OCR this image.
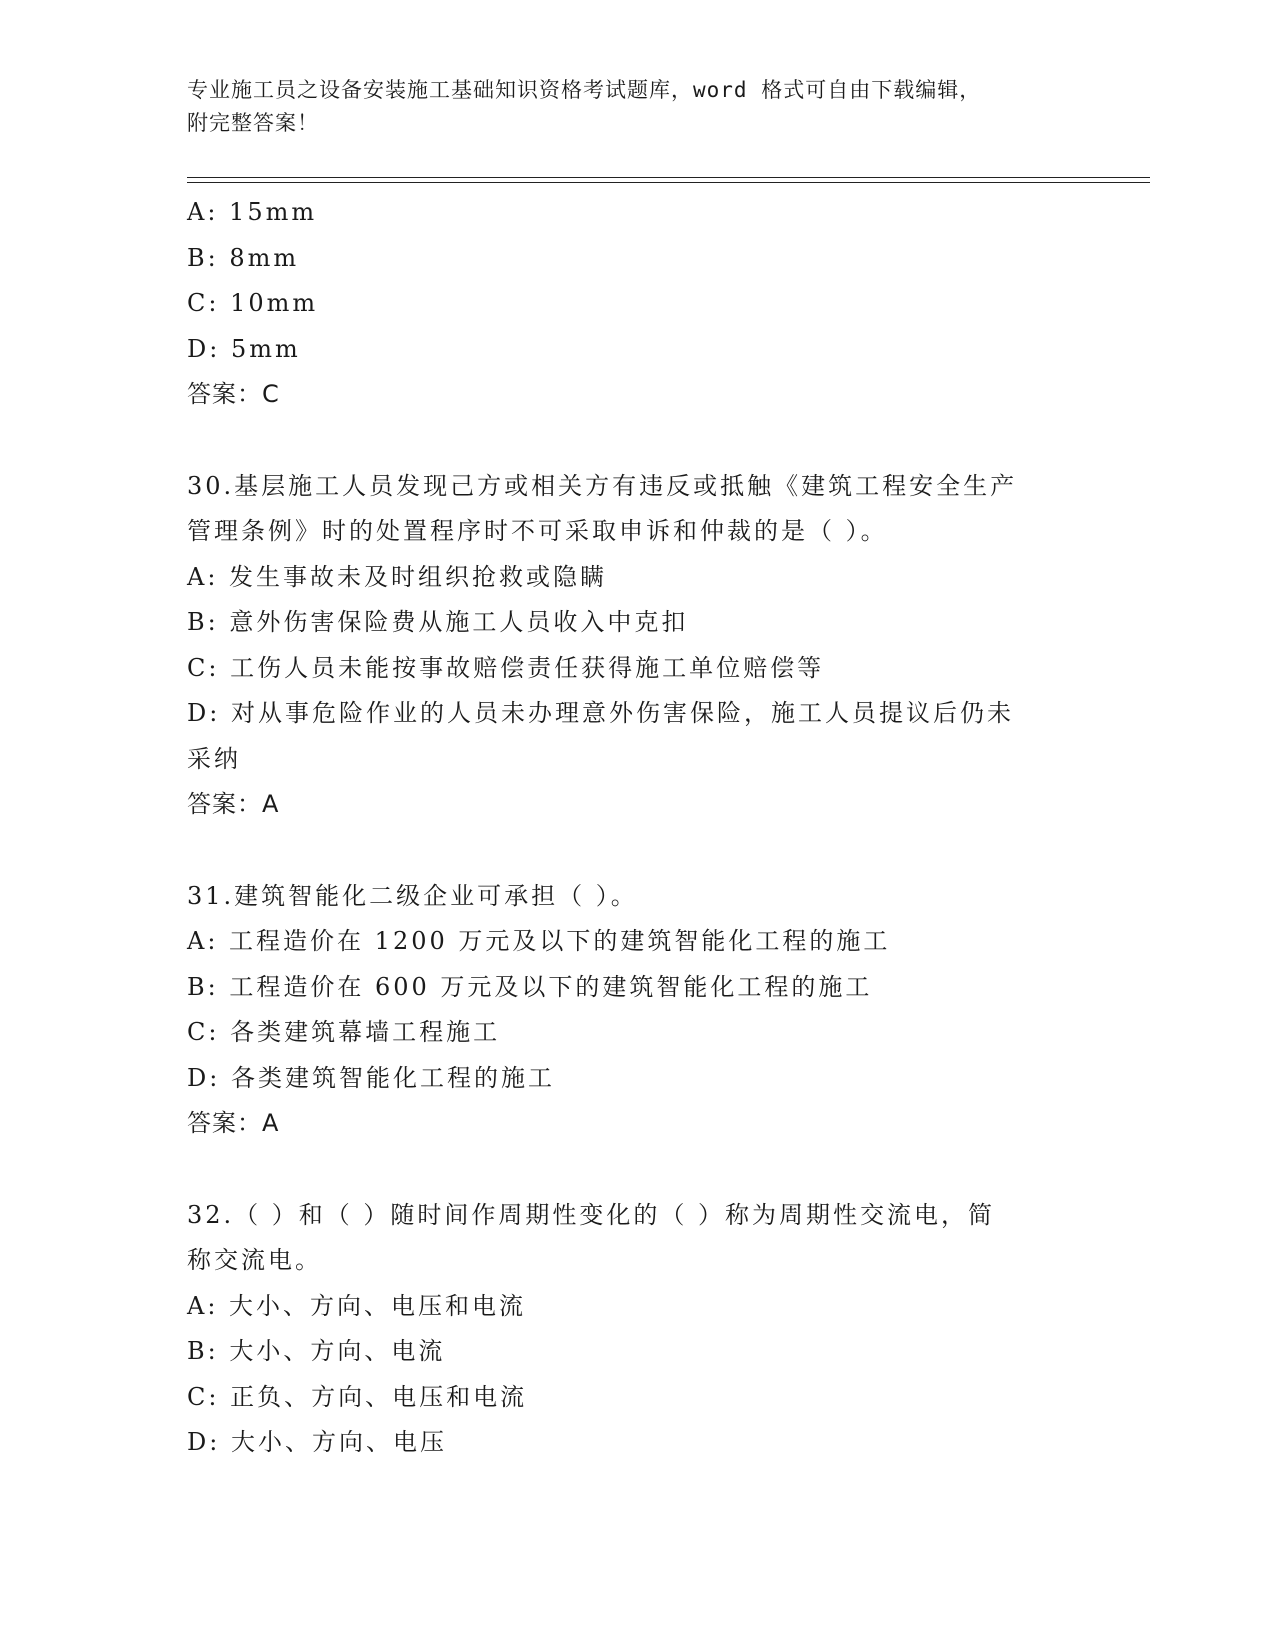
专业施工员之设备安装施工基础知识资格考试题库，word 格式可自由下载编辑，
附完整答案！
A: 15mm
B: 8mm
C: 10mm
D: 5mm
答案：C
30.基层施工人员发现己方或相关方有违反或抵触《建筑工程安全生产
管理条例》时的处置程序时不可采取申诉和仲裁的是（ ）。
A: 发生事故未及时组织抢救或隐瞒
B: 意外伤害保险费从施工人员收入中克扣
C: 工伤人员未能按事故赔偿责任获得施工单位赔偿等
D: 对从事危险作业的人员未办理意外伤害保险，施工人员提议后仍未
采纳
答案：A
31.建筑智能化二级企业可承担（ ）。
A: 工程造价在 1200 万元及以下的建筑智能化工程的施工
B: 工程造价在 600 万元及以下的建筑智能化工程的施工
C: 各类建筑幕墙工程施工
D: 各类建筑智能化工程的施工
答案：A
32.（ ）和（ ）随时间作周期性变化的（ ）称为周期性交流电，简
称交流电。
A: 大小、方向、电压和电流
B: 大小、方向、电流
C: 正负、方向、电压和电流
D: 大小、方向、电压
